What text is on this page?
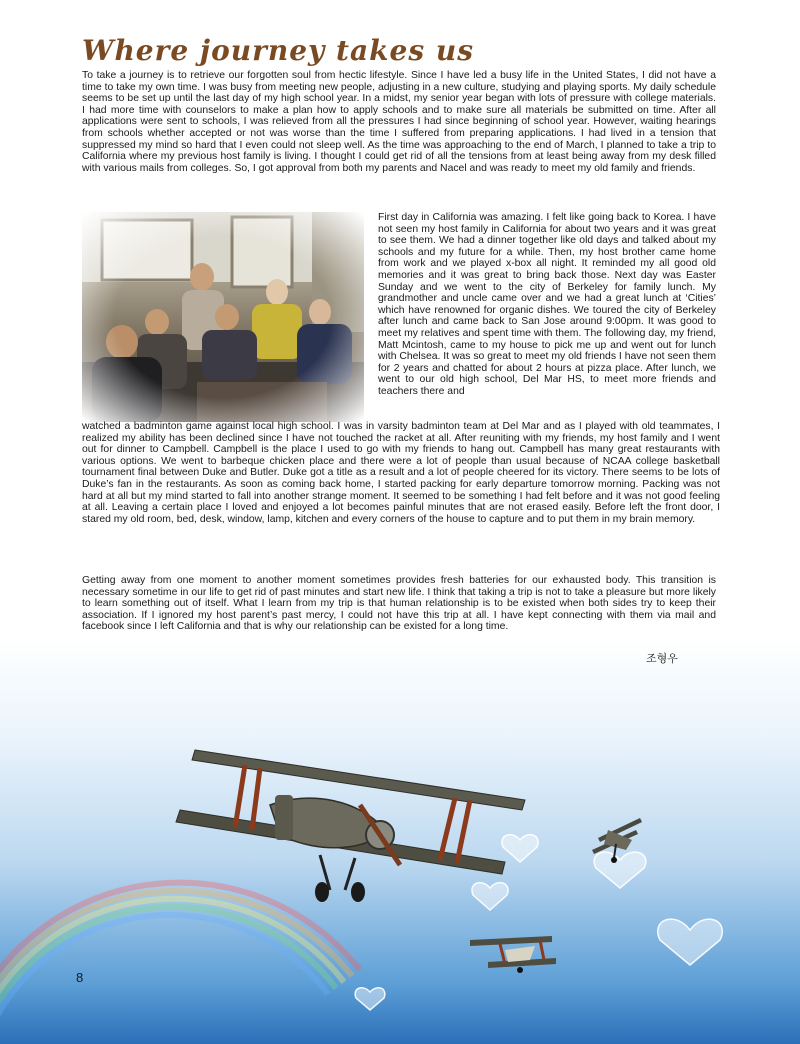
Where journey takes us

To take a journey is to retrieve our forgotten soul from hectic lifestyle. Since I have led a busy life in the United States, I did not have a time to take my own time. I was busy from meeting new people, adjusting in a new culture, studying and playing sports. My daily schedule seems to be set up until the last day of my high school year. In a midst, my senior year began with lots of pressure with college materials. I had more time with counselors to make a plan how to apply schools and to make sure all materials be submitted on time. After all applications were sent to schools, I was relieved from all the pressures I had since beginning of school year. However, waiting hearings from schools whether accepted or not was worse than the time I suffered from preparing applications. I had lived in a tension that suppressed my mind so hard that I even could not sleep well. As the time was approaching to the end of March, I planned to take a trip to California where my previous host family is living. I thought I could get rid of all the tensions from at least being away from my desk filled with various mails from colleges. So, I got approval from both my parents and Nacel and was ready to meet my old family and friends.

First day in California was amazing. I felt like going back to Korea. I have not seen my host family in California for about two years and it was great to see them. We had a dinner together like old days and talked about my schools and my future for a while. Then, my host brother came home from work and we played x-box all night. It reminded my all good old memories and it was great to bring back those. Next day was Easter Sunday and we went to the city of Berkeley for family lunch. My grandmother and uncle came over and we had a great lunch at ‘Cities’ which have renowned for organic dishes. We toured the city of Berkeley after lunch and came back to San Jose around 9:00pm. It was good to meet my relatives and spent time with them. The following day, my friend, Matt Mcintosh, came to my house to pick me up and went out for lunch with Chelsea. It was so great to meet my old friends I have not seen them for 2 years and chatted for about 2 hours at pizza place. After lunch, we went to our old high school, Del Mar HS, to meet more friends and teachers there and

watched a badminton game against local high school. I was in varsity badminton team at Del Mar and as I played with old teammates, I realized my ability has been declined since I have not touched the racket at all. After reuniting with my friends, my host family and I went out for dinner to Campbell. Campbell is the place I used to go with my friends to hang out. Campbell has many great restaurants with various options. We went to barbeque chicken place and there were a lot of people than usual because of NCAA college basketball tournament final between Duke and Butler. Duke got a title as a result and a lot of people cheered for its victory. There seems to be lots of Duke’s fan in the restaurants. As soon as coming back home, I started packing for early departure tomorrow morning. Packing was not hard at all but my mind started to fall into another strange moment. It seemed to be something I had felt before and it was not good feeling at all. Leaving a certain place I loved and enjoyed a lot becomes painful minutes that are not erased easily. Before left the front door, I stared my old room, bed, desk, window, lamp, kitchen and every corners of the house to capture and to put them in my brain memory.

Getting away from one moment to another moment sometimes provides fresh batteries for our exhausted body. This transition is necessary sometime in our life to get rid of past minutes and start new life. I think that taking a trip is not to take a pleasure but more likely to learn something out of itself. What I learn from my trip is that human relationship is to be existed when both sides try to keep their association. If I ignored my host parent’s past mercy, I could not have this trip at all. I have kept connecting with them via mail and facebook since I left California and that is why our relationship can be existed for a long time.

조형우
8
